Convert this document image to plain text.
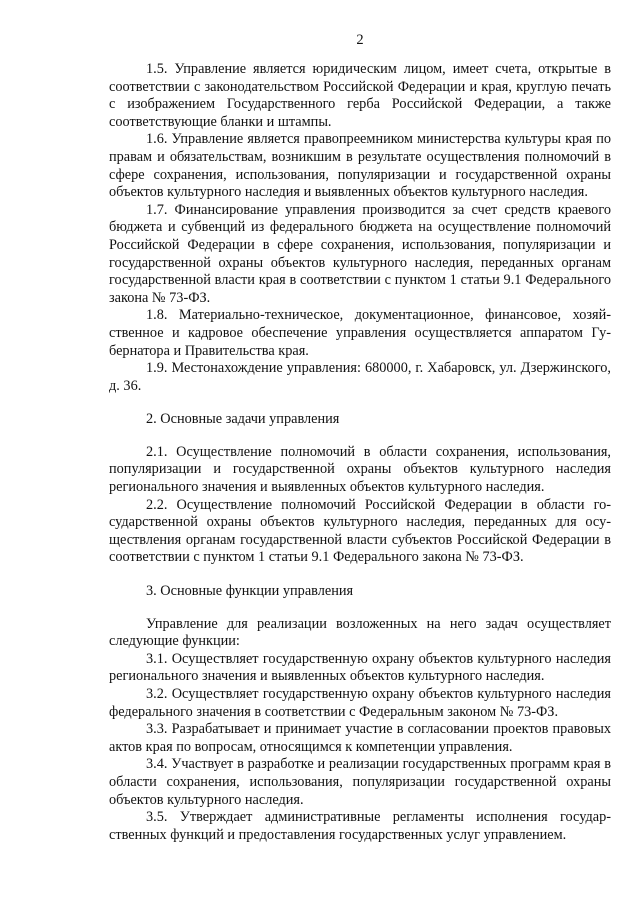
2

1.5. Управление является юридическим лицом, имеет счета, открытые в соответствии с законодательством Российской Федерации и края, круглую печать с изображением Государственного герба Российской Федерации, а также соответствующие бланки и штампы.

1.6. Управление является правопреемником министерства культуры края по правам и обязательствам, возникшим в результате осуществления полномочий в сфере сохранения, использования, популяризации и государственной охраны объектов культурного наследия и выявленных объектов культурного наследия.

1.7. Финансирование управления производится за счет средств краевого бюджета и субвенций из федерального бюджета на осуществление полномочий Российской Федерации в сфере сохранения, использования, популяризации и государственной охраны объектов культурного наследия, переданных органам государственной власти края в соответствии с пунктом 1 статьи 9.1 Федерального закона № 73-ФЗ.

1.8. Материально-техническое, документационное, финансовое, хозяйственное и кадровое обеспечение управления осуществляется аппаратом Губернатора и Правительства края.

1.9. Местонахождение управления: 680000, г. Хабаровск, ул. Дзержинского, д. 36.

2. Основные задачи управления

2.1. Осуществление полномочий в области сохранения, использования, популяризации и государственной охраны объектов культурного наследия регионального значения и выявленных объектов культурного наследия.

2.2. Осуществление полномочий Российской Федерации в области государственной охраны объектов культурного наследия, переданных для осуществления органам государственной власти субъектов Российской Федерации в соответствии с пунктом 1 статьи 9.1 Федерального закона № 73-ФЗ.

3. Основные функции управления

Управление для реализации возложенных на него задач осуществляет следующие функции:

3.1. Осуществляет государственную охрану объектов культурного наследия регионального значения и выявленных объектов культурного наследия.

3.2. Осуществляет государственную охрану объектов культурного наследия федерального значения в соответствии с Федеральным законом № 73-ФЗ.

3.3. Разрабатывает и принимает участие в согласовании проектов правовых актов края по вопросам, относящимся к компетенции управления.

3.4. Участвует в разработке и реализации государственных программ края в области сохранения, использования, популяризации государственной охраны объектов культурного наследия.

3.5. Утверждает административные регламенты исполнения государственных функций и предоставления государственных услуг управлением.
